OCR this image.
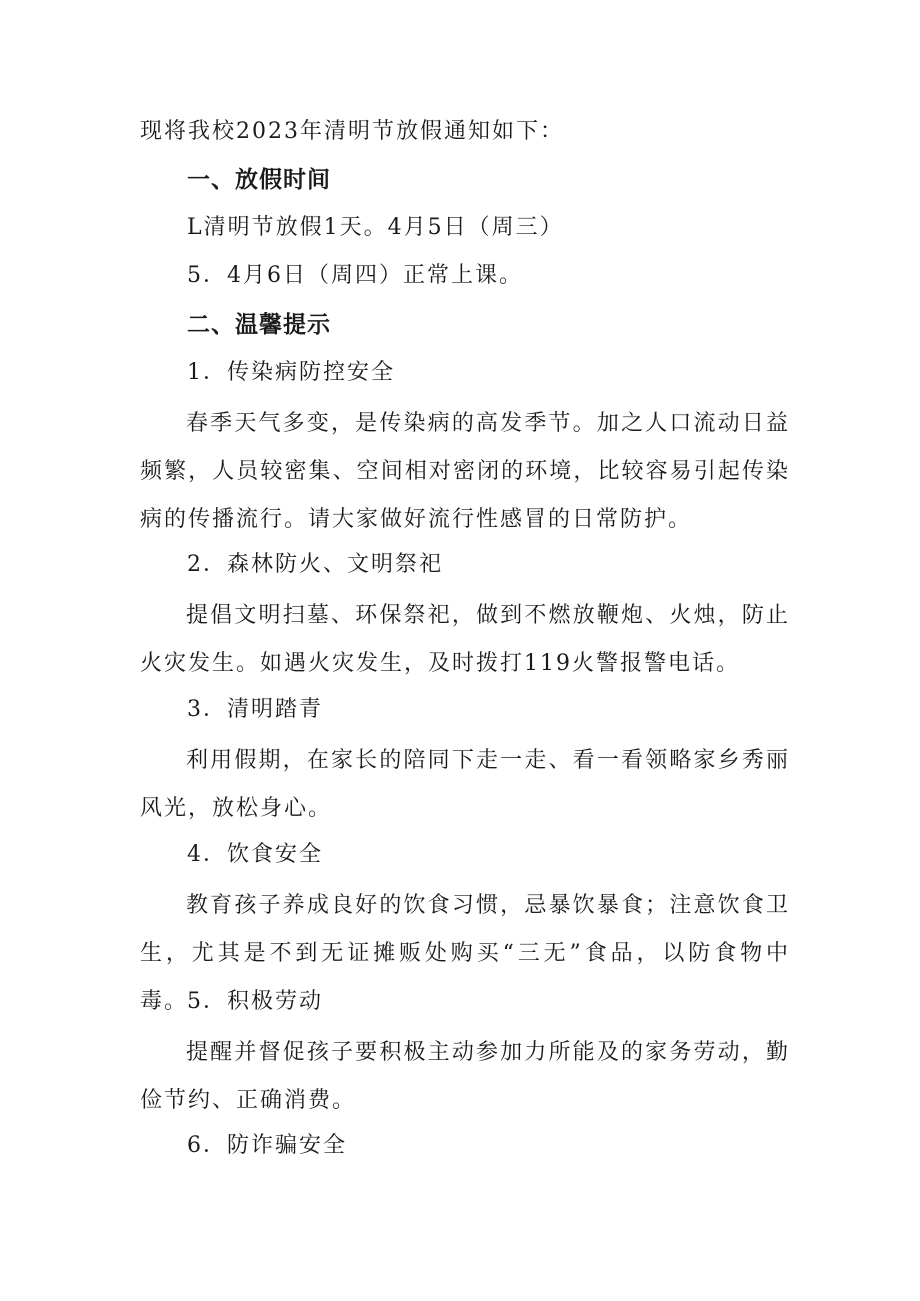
现将我校2023年清明节放假通知如下：
一、放假时间
L清明节放假1天。4月5日（周三）
5．4月6日（周四）正常上课。
二、温馨提示
1．传染病防控安全
春季天气多变，是传染病的高发季节。加之人口流动日益频繁，人员较密集、空间相对密闭的环境，比较容易引起传染病的传播流行。请大家做好流行性感冒的日常防护。
2．森林防火、文明祭祀
提倡文明扫墓、环保祭祀，做到不燃放鞭炮、火烛，防止火灾发生。如遇火灾发生，及时拨打119火警报警电话。
3．清明踏青
利用假期，在家长的陪同下走一走、看一看领略家乡秀丽风光，放松身心。
4．饮食安全
教育孩子养成良好的饮食习惯，忌暴饮暴食；注意饮食卫生，尤其是不到无证摊贩处购买“三无”食品，以防食物中毒。
5．积极劳动
提醒并督促孩子要积极主动参加力所能及的家务劳动，勤俭节约、正确消费。
6．防诈骗安全
